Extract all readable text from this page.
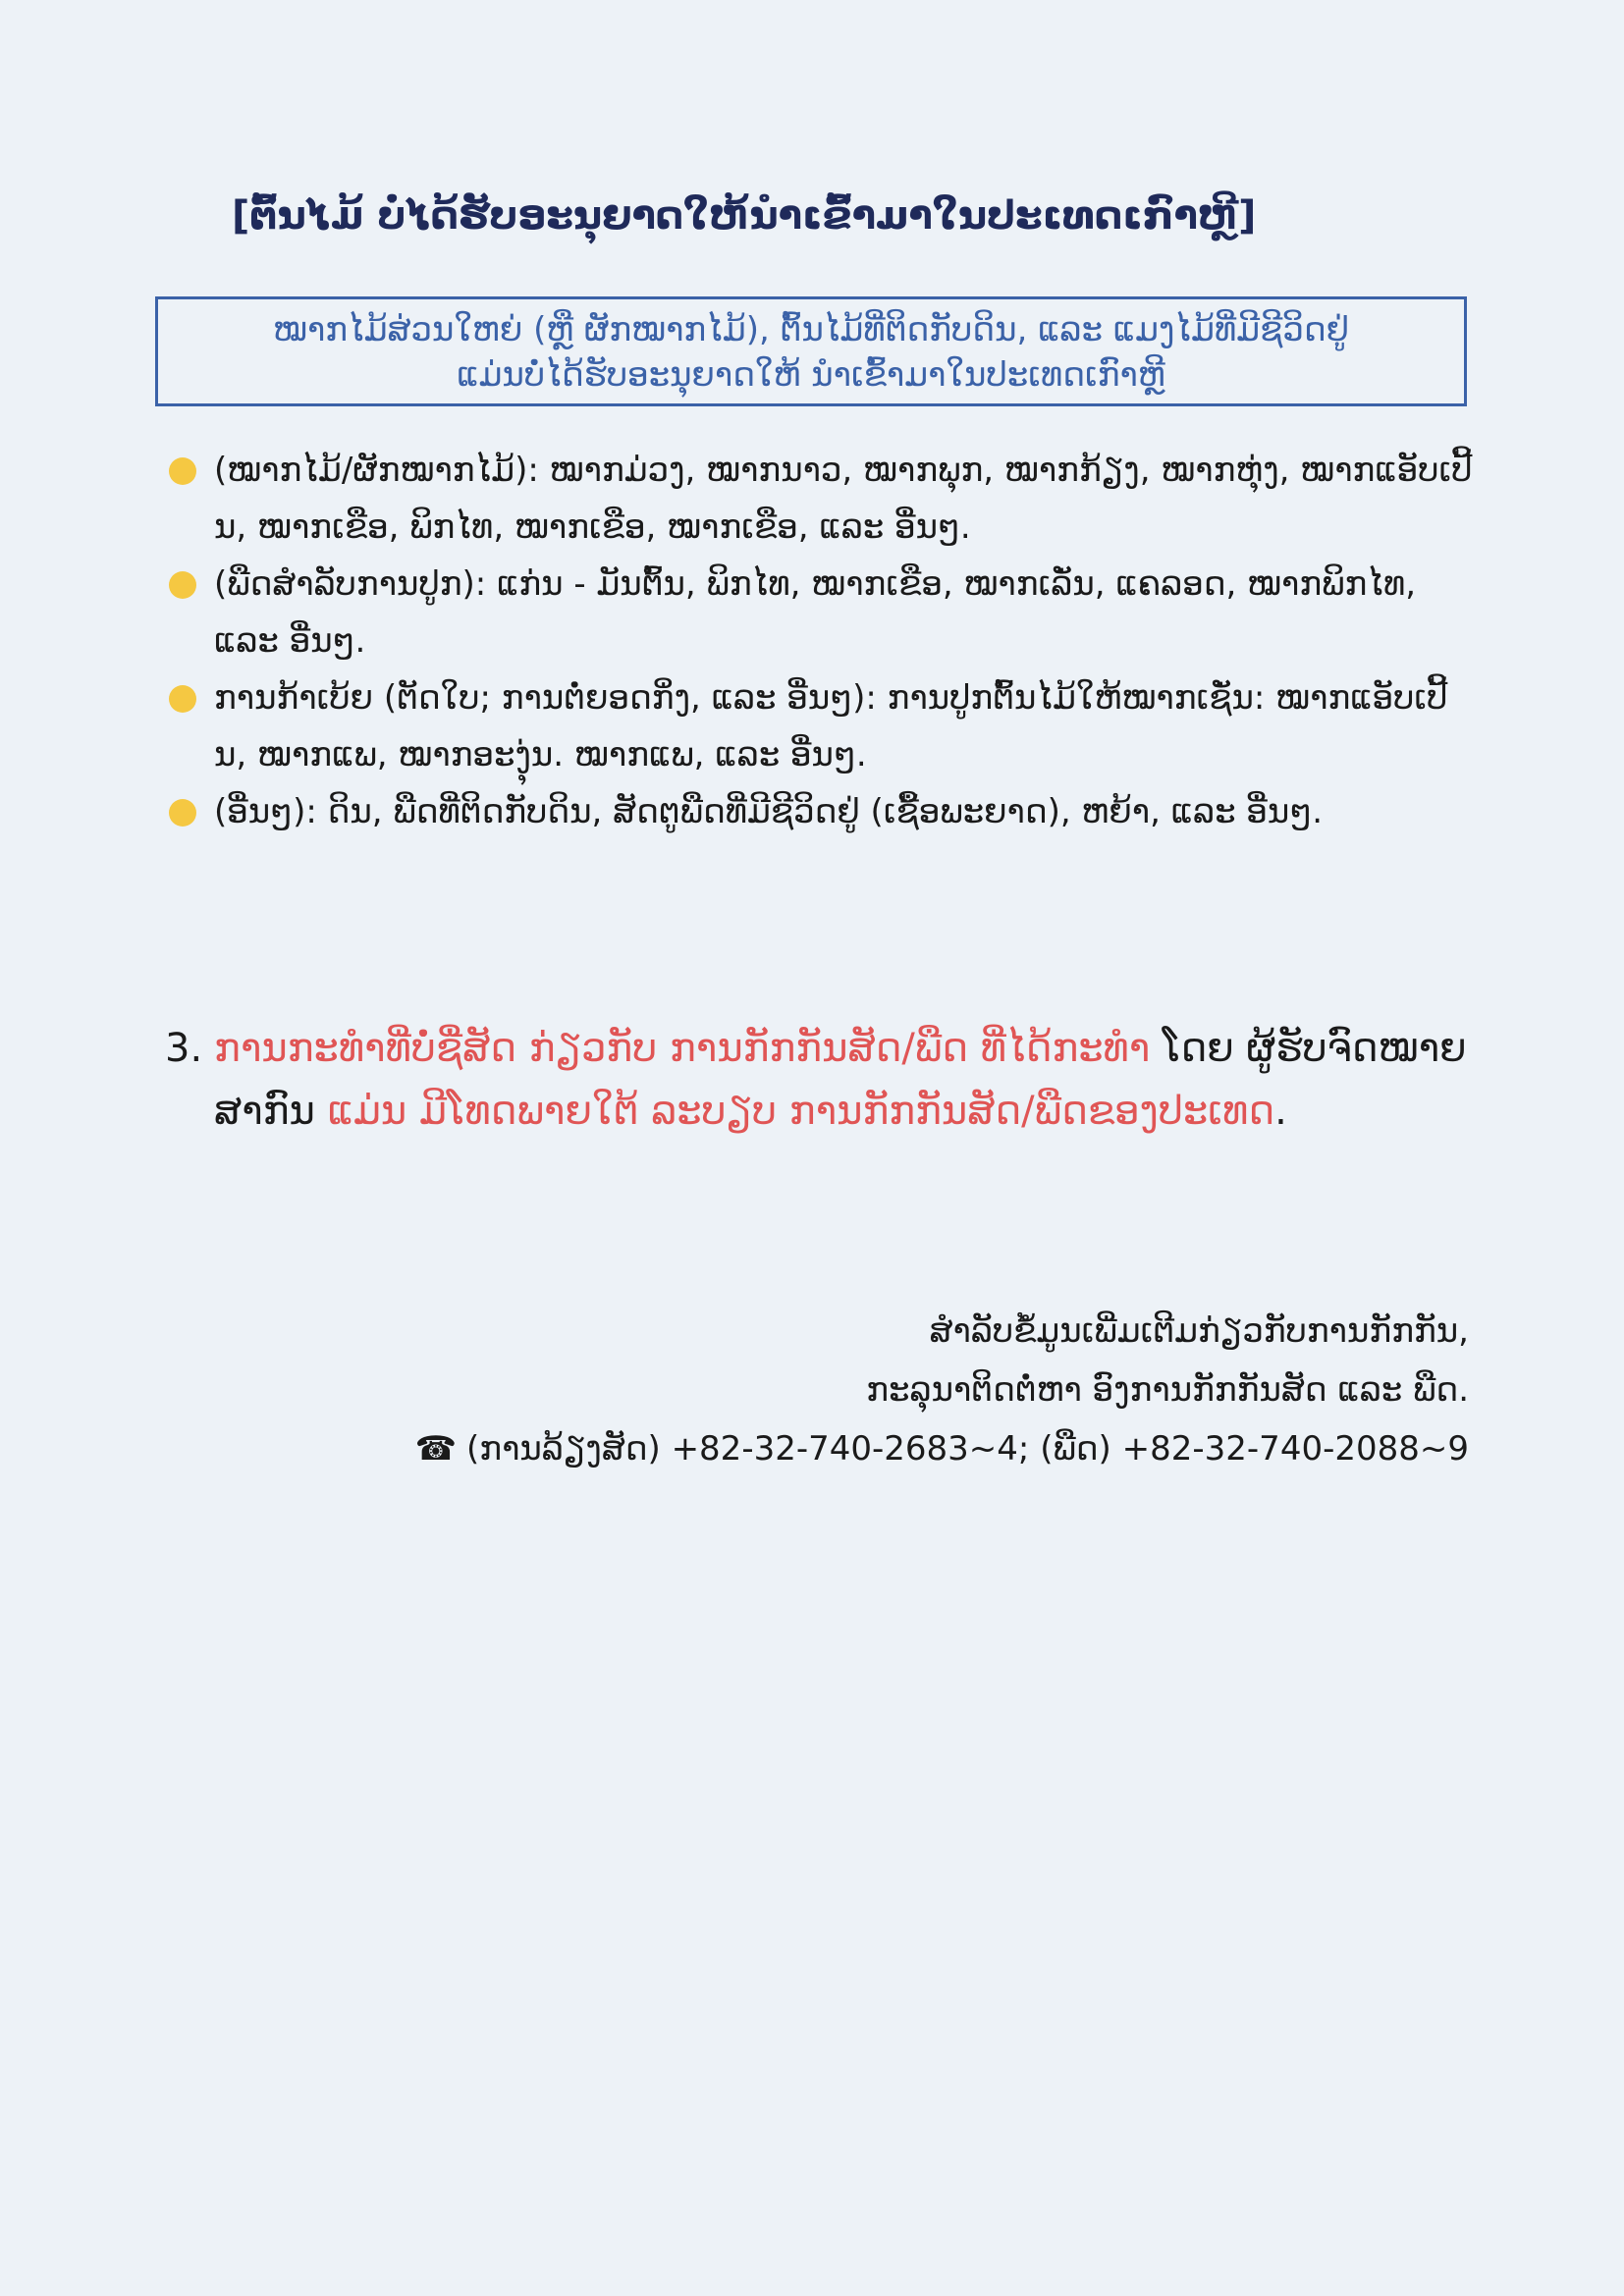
[ຕົ້ນໄມ້ ບໍ່ໄດ້ຮັບອະນຸຍາດໃຫ້ນຳເຂົ້າມາໃນປະເທດເກົາຫຼີ]
ໝາກໄມ້ສ່ວນໃຫຍ່ (ຫຼື ຜັກໝາກໄມ້), ຕົ້ນໄມ້ທີ່ຕິດກັບດິນ, ແລະ ແມງໄມ້ທີ່ມີຊີວິດຢູ່
ແມ່ນບໍ່ໄດ້ຮັບອະນຸຍາດໃຫ້ ນຳເຂົ້າມາໃນປະເທດເກົາຫຼີ
(ໝາກໄມ້/ຜັກໝາກໄມ້): ໝາກມ່ວງ, ໝາກນາວ, ໝາກພຸກ, ໝາກກ້ຽງ, ໝາກຫຸ່ງ, ໝາກແອັບເປີ້ນ, ໝາກເຂືອ, ພິກໄທ, ໝາກເຂືອ, ໝາກເຂືອ, ແລະ ອື່ນໆ.
(ພືດສຳລັບການປູກ): ແກ່ນ - ມັນຕົ້ນ, ພິກໄທ, ໝາກເຂືອ, ໝາກເລັ່ນ, ແຄລອດ, ໝາກພິກໄທ, ແລະ ອື່ນໆ.
ການກ້າເບ້ຍ (ຕັດໃບ; ການຕໍ່ຍອດກິ່ງ, ແລະ ອື່ນໆ): ການປູກຕົ້ນໄມ້ໃຫ້ໝາກເຊັ່ນ: ໝາກແອັບເປີ້ນ, ໝາກແພ, ໝາກອະງຸ່ນ. ໝາກແພ, ແລະ ອື່ນໆ.
(ອື່ນໆ): ດິນ, ພືດທີ່ຕິດກັບດິນ, ສັດຕູພືດທີ່ມີຊີວິດຢູ່ (ເຊື້ອພະຍາດ), ຫຍ້າ, ແລະ ອື່ນໆ.
3. ການກະທຳທີ່ບໍ່ຊື່ສັດ ກ່ຽວກັບ ການກັກກັນສັດ/ພືດ ທີ່ໄດ້ກະທຳ ໂດຍ ຜູ້ຮັບຈົດໝາຍສາກົນ ແມ່ນ ມີໂທດພາຍໃຕ້ ລະບຽບ ການກັກກັນສັດ/ພືດຂອງປະເທດ.
ສຳລັບຂໍ້ມູນເພີ່ມເຕີມກ່ຽວກັບການກັກກັນ,
ກະລຸນາຕິດຕໍ່ຫາ ອົງການກັກກັນສັດ ແລະ ພືດ.
☎ (ການລ້ຽງສັດ) +82-32-740-2683~4; (ພືດ) +82-32-740-2088~9
